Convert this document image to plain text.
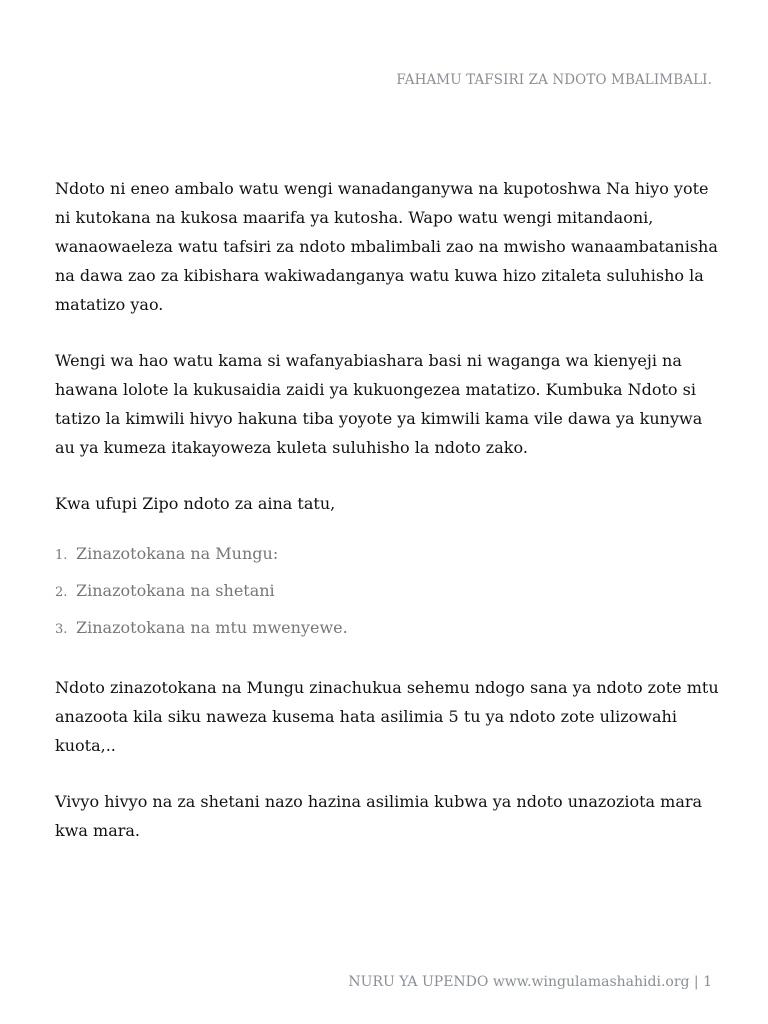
FAHAMU TAFSIRI ZA NDOTO MBALIMBALI.

Ndoto ni eneo ambalo watu wengi wanadanganywa na kupotoshwa Na hiyo yote ni kutokana na kukosa maarifa ya kutosha. Wapo watu wengi mitandaoni, wanaowaeleza watu tafsiri za ndoto mbalimbali zao na mwisho wanaambatanisha na dawa zao za kibishara wakiwadanganya watu kuwa hizo zitaleta suluhisho la matatizo yao.

Wengi wa hao watu kama si wafanyabiashara basi ni waganga wa kienyeji na hawana lolote la kukusaidia zaidi ya kukuongezea matatizo. Kumbuka Ndoto si tatizo la kimwili hivyo hakuna tiba yoyote ya kimwili kama vile dawa ya kunywa au ya kumeza itakayoweza kuleta suluhisho la ndoto zako.

Kwa ufupi Zipo ndoto za aina tatu,

1. Zinazotokana na Mungu:
2. Zinazotokana na shetani
3. Zinazotokana na mtu mwenyewe.

Ndoto zinazotokana na Mungu zinachukua sehemu ndogo sana ya ndoto zote mtu anazoota kila siku naweza kusema hata asilimia 5 tu ya ndoto zote ulizowahi kuota,..

Vivyo hivyo na za shetani nazo hazina asilimia kubwa ya ndoto unazoziota mara kwa mara.

NURU YA UPENDO www.wingulamashahidi.org | 1
